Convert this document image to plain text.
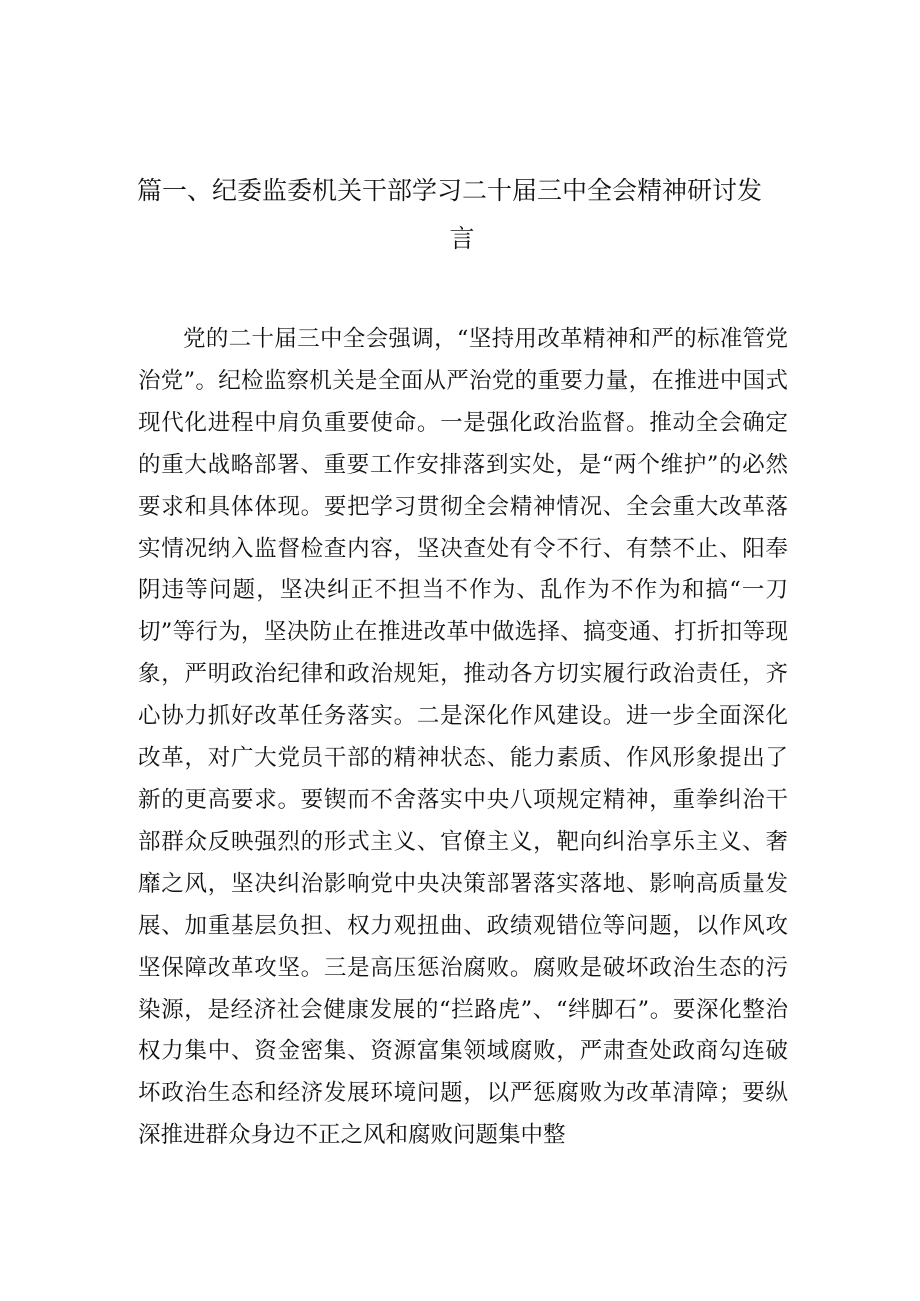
篇一、纪委监委机关干部学习二十届三中全会精神研讨发
言

党的二十届三中全会强调，“坚持用改革精神和严的标准管党治党”。纪检监察机关是全面从严治党的重要力量，在推进中国式现代化进程中肩负重要使命。一是强化政治监督。推动全会确定的重大战略部署、重要工作安排落到实处，是“两个维护”的必然要求和具体体现。要把学习贯彻全会精神情况、全会重大改革落实情况纳入监督检查内容，坚决查处有令不行、有禁不止、阳奉阴违等问题，坚决纠正不担当不作为、乱作为不作为和搞“一刀切”等行为，坚决防止在推进改革中做选择、搞变通、打折扣等现象，严明政治纪律和政治规矩，推动各方切实履行政治责任，齐心协力抓好改革任务落实。二是深化作风建设。进一步全面深化改革，对广大党员干部的精神状态、能力素质、作风形象提出了新的更高要求。要锲而不舍落实中央八项规定精神，重拳纠治干部群众反映强烈的形式主义、官僚主义，靶向纠治享乐主义、奢靡之风，坚决纠治影响党中央决策部署落实落地、影响高质量发展、加重基层负担、权力观扭曲、政绩观错位等问题，以作风攻坚保障改革攻坚。三是高压惩治腐败。腐败是破坏政治生态的污染源，是经济社会健康发展的“拦路虎”、“绊脚石”。要深化整治权力集中、资金密集、资源富集领域腐败，严肃查处政商勾连破坏政治生态和经济发展环境问题，以严惩腐败为改革清障；要纵深推进群众身边不正之风和腐败问题集中整
